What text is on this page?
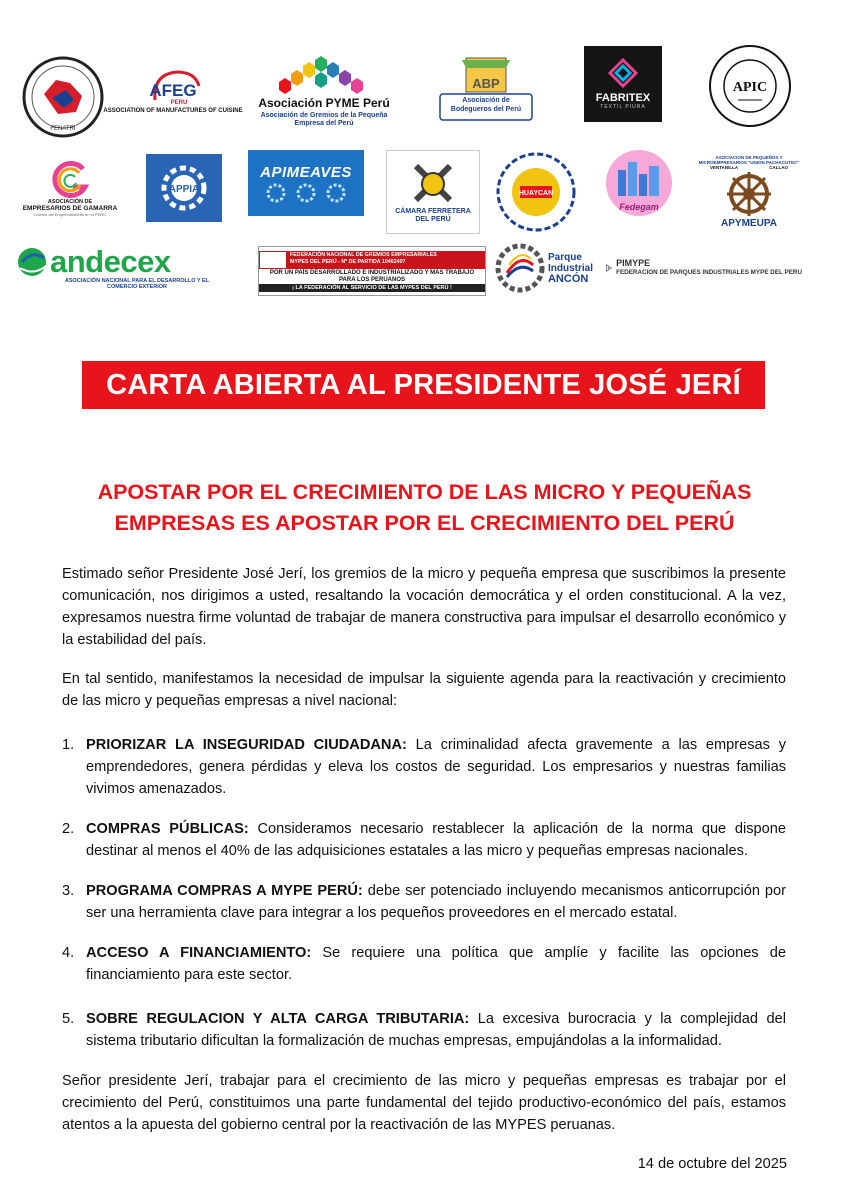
FENATRI
AFEG
PERU
ASSOCIATION OF MANUFACTURES OF CUISINE
Asociación PYME Perú
Asociación de Gremios de la Pequeña Empresa del Perú
ABP
Asociación de Bodegueros del Perú
FABRITEX
TEXTIL PIURA
APIC
ASOCIACIÓN DE
EMPRESARIOS DE GAMARRA
Líderes del Emprendimiento en el PERÚ
APPIA
APIMEAVES
CÁMARA FERRETERA DEL PERÚ
HUAYCAN
Fedegam
ASOCIACION DE PEQUEÑOS Y MICROEMPRESARIOS "UNION PACHACUTEC"
VENTANILLA	CALLAO
APYMEUPA
andecex
ASOCIACIÓN NACIONAL PARA EL DESARROLLO Y EL COMERCIO EXTERIOR
FEDERACIÓN NACIONAL DE GREMIOS EMPRESARIALES
MYPES DEL PERÚ - Nº DE PARTIDA 10462407
POR UN PAÍS DESARROLLADO E INDUSTRIALIZADO Y MÁS TRABAJO
PARA LOS PERUANOS
¡ LA FEDERACIÓN AL SERVICIO DE LAS MYPES DEL PERÚ !
Parque
Industrial
ANCÓN
PIMYPE
FEDERACION DE PARQUES INDUSTRIALES MYPE DEL PERU
CARTA ABIERTA AL PRESIDENTE JOSÉ JERÍ
APOSTAR POR EL CRECIMIENTO DE LAS MICRO Y PEQUEÑAS
EMPRESAS ES APOSTAR POR EL CRECIMIENTO DEL PERÚ

Estimado señor Presidente José Jerí, los gremios de la micro y pequeña empresa que suscribimos la presente comunicación, nos dirigimos a usted, resaltando la vocación democrática y el orden constitucional. A la vez, expresamos nuestra firme voluntad de trabajar de manera constructiva para impulsar el desarrollo económico y la estabilidad del país.

En tal sentido, manifestamos la necesidad de impulsar la siguiente agenda para la reactivación y crecimiento de las micro y pequeñas empresas a nivel nacional:

1. PRIORIZAR LA INSEGURIDAD CIUDADANA: La criminalidad afecta gravemente a las empresas y emprendedores, genera pérdidas y eleva los costos de seguridad. Los empresarios y nuestras familias vivimos amenazados.
2. COMPRAS PÚBLICAS: Consideramos necesario restablecer la aplicación de la norma que dispone destinar al menos el 40% de las adquisiciones estatales a las micro y pequeñas empresas nacionales.
3. PROGRAMA COMPRAS A MYPE PERÚ: debe ser potenciado incluyendo mecanismos anticorrupción por ser una herramienta clave para integrar a los pequeños proveedores en el mercado estatal.
4. ACCESO A FINANCIAMIENTO: Se requiere una política que amplíe y facilite las opciones de financiamiento para este sector.
5. SOBRE REGULACION Y ALTA CARGA TRIBUTARIA: La excesiva burocracia y la complejidad del sistema tributario dificultan la formalización de muchas empresas, empujándolas a la informalidad.

Señor presidente Jerí, trabajar para el crecimiento de las micro y pequeñas empresas es trabajar por el crecimiento del Perú, constituimos una parte fundamental del tejido productivo-económico del país, estamos atentos a la apuesta del gobierno central por la reactivación de las MYPES peruanas.

14 de octubre del 2025
